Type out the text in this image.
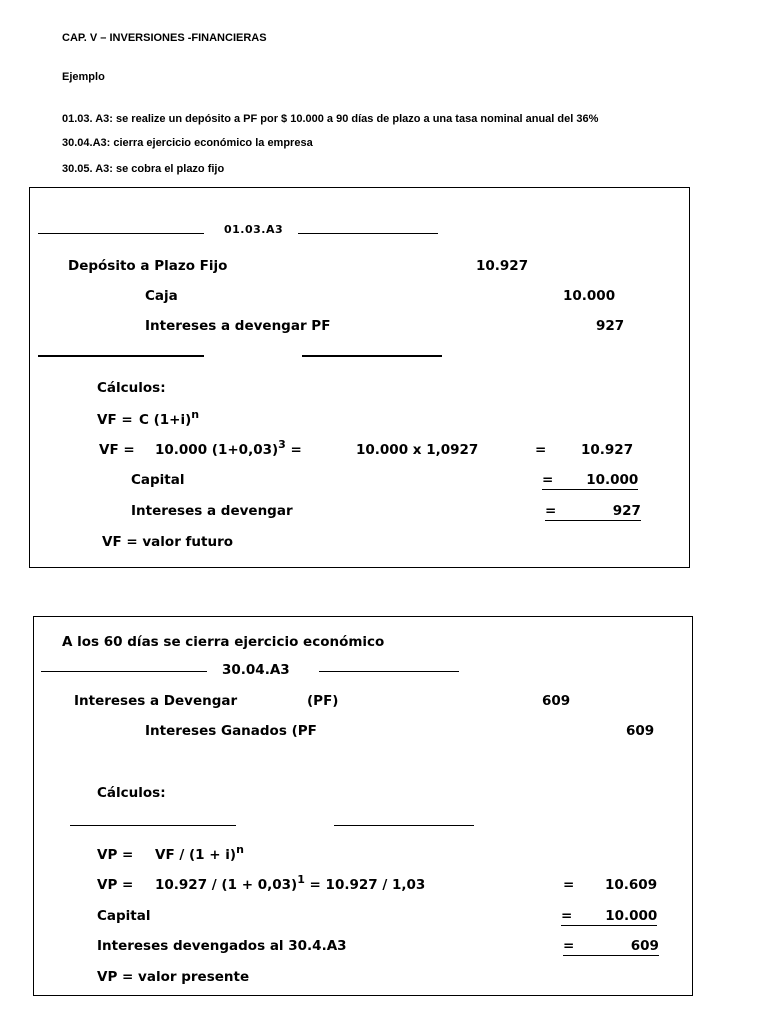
CAP. V – INVERSIONES -FINANCIERAS
Ejemplo
01.03. A3: se realize un depósito a PF por $ 10.000 a 90 días de plazo a una tasa nominal anual del 36%
30.04.A3: cierra ejercicio económico la empresa
30.05. A3: se cobra el plazo fijo
01.03.A3
Depósito a Plazo Fijo	10.927
Caja	10.000
Intereses a devengar PF	927
Cálculos:
VF = C $(1+i)^n$
VF = 10.000 $(1+0,03)^3$ =	10.000 x 1,0927	=	10.927
Capital	=       10.000
Intereses a devengar	=            927
VF = valor futuro
A los 60 días se cierra ejercicio económico
30.04.A3
Intereses a Devengar	(PF)	609
Intereses Ganados (PF	609
Cálculos:
VP = VF / $(1 + i)^n$
VP = $10.927 / (1 + 0,03)^1 = 10.927 / 1,03$	= 10.609
Capital	=       10.000
Intereses devengados al 30.4.A3	=            609
VP = valor presente
